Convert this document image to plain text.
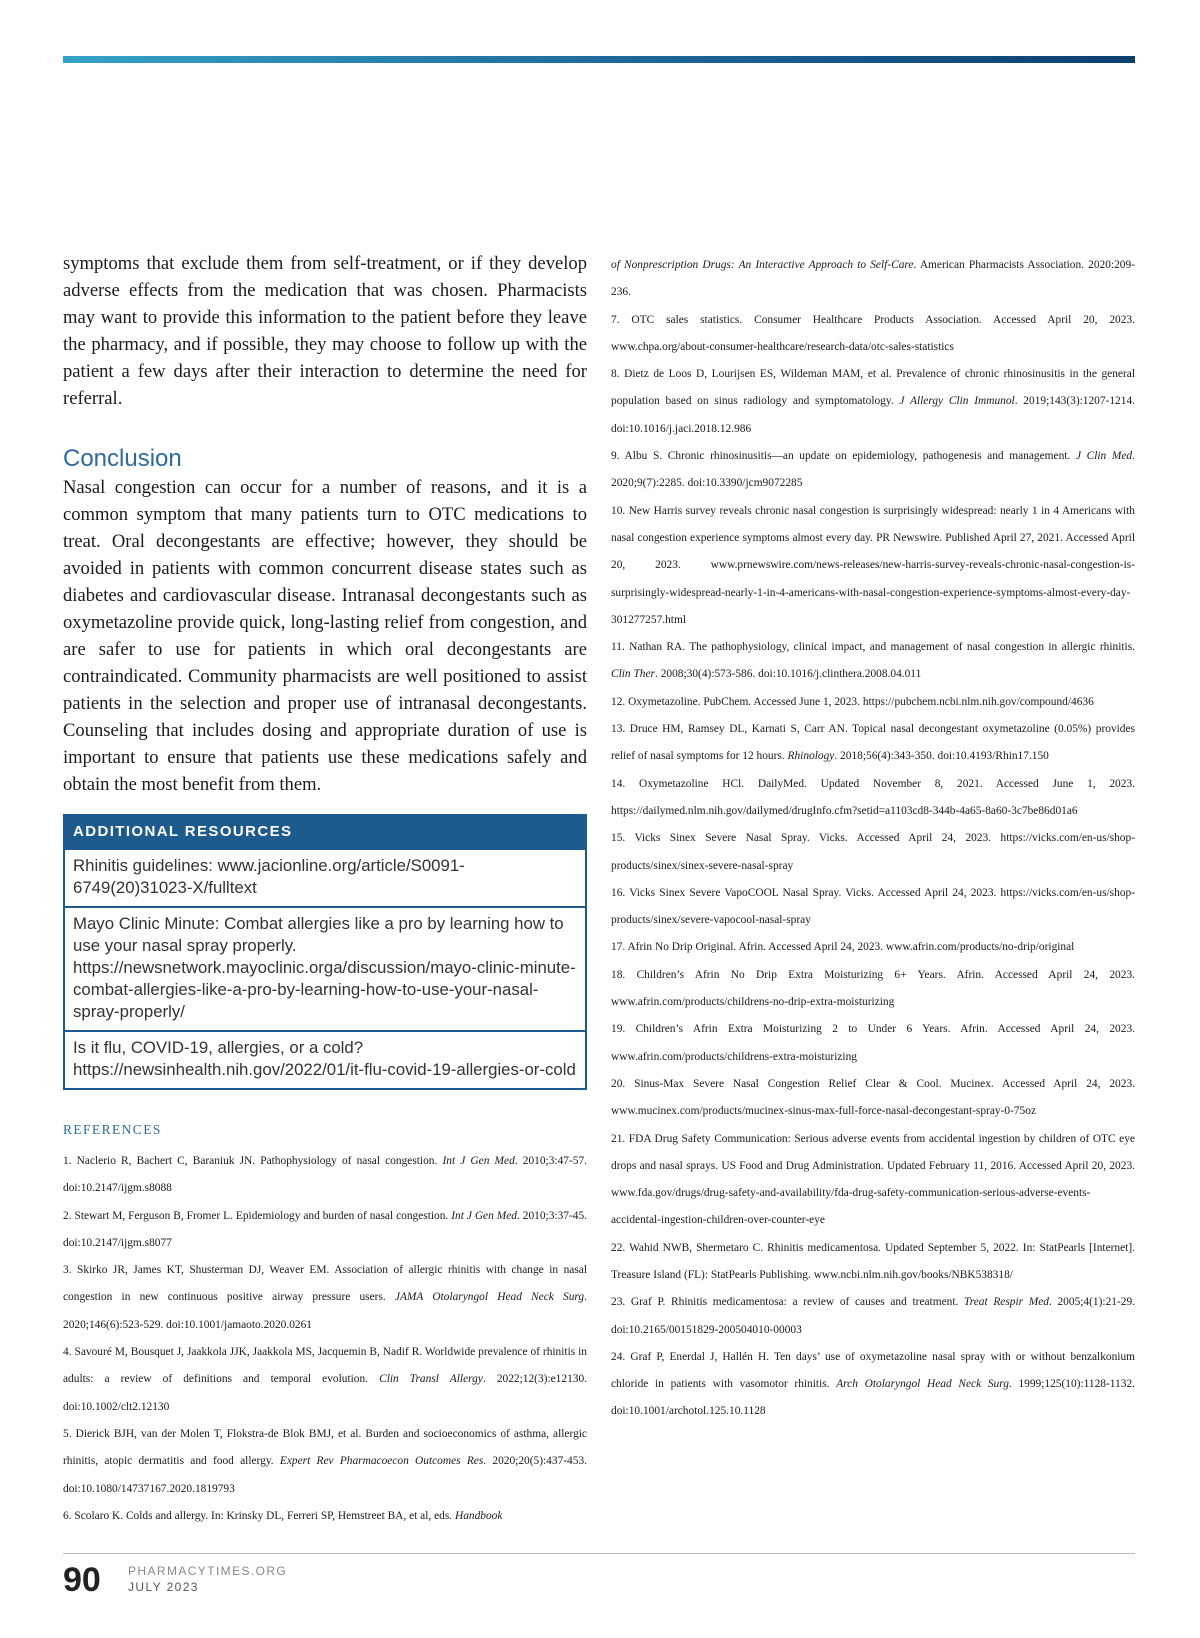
symptoms that exclude them from self-treatment, or if they develop adverse effects from the medication that was chosen. Pharmacists may want to provide this information to the patient before they leave the pharmacy, and if possible, they may choose to follow up with the patient a few days after their interaction to determine the need for referral.

Conclusion

Nasal congestion can occur for a number of reasons, and it is a common symptom that many patients turn to OTC medications to treat. Oral decongestants are effective; however, they should be avoided in patients with common concurrent disease states such as diabetes and cardiovascular disease. Intranasal decongestants such as oxymetazoline provide quick, long-lasting relief from congestion, and are safer to use for patients in which oral decongestants are contraindicated. Community pharmacists are well positioned to assist patients in the selection and proper use of intranasal decongestants. Counseling that includes dosing and appropriate duration of use is important to ensure that patients use these medications safely and obtain the most benefit from them.

ADDITIONAL RESOURCES
Rhinitis guidelines: www.jacionline.org/article/S0091-6749(20)31023-X/fulltext
Mayo Clinic Minute: Combat allergies like a pro by learning how to use your nasal spray properly. https://newsnetwork.mayoclinic.orga/discussion/mayo-clinic-minute-combat-allergies-like-a-pro-by-learning-how-to-use-your-nasal-spray-properly/
Is it flu, COVID-19, allergies, or a cold? https://newsinhealth.nih.gov/2022/01/it-flu-covid-19-allergies-or-cold
REFERENCES

1. Naclerio R, Bachert C, Baraniuk JN. Pathophysiology of nasal congestion. Int J Gen Med. 2010;3:47-57. doi:10.2147/ijgm.s8088

2. Stewart M, Ferguson B, Fromer L. Epidemiology and burden of nasal congestion. Int J Gen Med. 2010;3:37-45. doi:10.2147/ijgm.s8077

3. Skirko JR, James KT, Shusterman DJ, Weaver EM. Association of allergic rhinitis with change in nasal congestion in new continuous positive airway pressure users. JAMA Otolaryngol Head Neck Surg. 2020;146(6):523-529. doi:10.1001/jamaoto.2020.0261

4. Savouré M, Bousquet J, Jaakkola JJK, Jaakkola MS, Jacquemin B, Nadif R. Worldwide prevalence of rhinitis in adults: a review of definitions and temporal evolution. Clin Transl Allergy. 2022;12(3):e12130. doi:10.1002/clt2.12130

5. Dierick BJH, van der Molen T, Flokstra-de Blok BMJ, et al. Burden and socioeconomics of asthma, allergic rhinitis, atopic dermatitis and food allergy. Expert Rev Pharmacoecon Outcomes Res. 2020;20(5):437-453. doi:10.1080/14737167.2020.1819793

6. Scolaro K. Colds and allergy. In: Krinsky DL, Ferreri SP, Hemstreet BA, et al, eds. Handbook

of Nonprescription Drugs: An Interactive Approach to Self-Care. American Pharmacists Association. 2020:209-236.

7. OTC sales statistics. Consumer Healthcare Products Association. Accessed April 20, 2023. www.chpa.org/about-consumer-healthcare/research-data/otc-sales-statistics

8. Dietz de Loos D, Lourijsen ES, Wildeman MAM, et al. Prevalence of chronic rhinosinusitis in the general population based on sinus radiology and symptomatology. J Allergy Clin Immunol. 2019;143(3):1207-1214. doi:10.1016/j.jaci.2018.12.986

9. Albu S. Chronic rhinosinusitis—an update on epidemiology, pathogenesis and management. J Clin Med. 2020;9(7):2285. doi:10.3390/jcm9072285

10. New Harris survey reveals chronic nasal congestion is surprisingly widespread: nearly 1 in 4 Americans with nasal congestion experience symptoms almost every day. PR Newswire. Published April 27, 2021. Accessed April 20, 2023. www.prnewswire.com/news-releases/new-harris-survey-reveals-chronic-nasal-congestion-is-surprisingly-widespread-nearly-1-in-4-americans-with-nasal-congestion-experience-symptoms-almost-every-day-301277257.html

11. Nathan RA. The pathophysiology, clinical impact, and management of nasal congestion in allergic rhinitis. Clin Ther. 2008;30(4):573-586. doi:10.1016/j.clinthera.2008.04.011

12. Oxymetazoline. PubChem. Accessed June 1, 2023. https://pubchem.ncbi.nlm.nih.gov/compound/4636

13. Druce HM, Ramsey DL, Karnati S, Carr AN. Topical nasal decongestant oxymetazoline (0.05%) provides relief of nasal symptoms for 12 hours. Rhinology. 2018;56(4):343-350. doi:10.4193/Rhin17.150

14. Oxymetazoline HCl. DailyMed. Updated November 8, 2021. Accessed June 1, 2023. https://dailymed.nlm.nih.gov/dailymed/drugInfo.cfm?setid=a1103cd8-344b-4a65-8a60-3c7be86d01a6

15. Vicks Sinex Severe Nasal Spray. Vicks. Accessed April 24, 2023. https://vicks.com/en-us/shop-products/sinex/sinex-severe-nasal-spray

16. Vicks Sinex Severe VapoCOOL Nasal Spray. Vicks. Accessed April 24, 2023. https://vicks.com/en-us/shop-products/sinex/severe-vapocool-nasal-spray

17. Afrin No Drip Original. Afrin. Accessed April 24, 2023. www.afrin.com/products/no-drip/original

18. Children’s Afrin No Drip Extra Moisturizing 6+ Years. Afrin. Accessed April 24, 2023. www.afrin.com/products/childrens-no-drip-extra-moisturizing

19. Children’s Afrin Extra Moisturizing 2 to Under 6 Years. Afrin. Accessed April 24, 2023. www.afrin.com/products/childrens-extra-moisturizing

20. Sinus-Max Severe Nasal Congestion Relief Clear & Cool. Mucinex. Accessed April 24, 2023. www.mucinex.com/products/mucinex-sinus-max-full-force-nasal-decongestant-spray-0-75oz

21. FDA Drug Safety Communication: Serious adverse events from accidental ingestion by children of OTC eye drops and nasal sprays. US Food and Drug Administration. Updated February 11, 2016. Accessed April 20, 2023. www.fda.gov/drugs/drug-safety-and-availability/fda-drug-safety-communication-serious-adverse-events-accidental-ingestion-children-over-counter-eye

22. Wahid NWB, Shermetaro C. Rhinitis medicamentosa. Updated September 5, 2022. In: StatPearls [Internet]. Treasure Island (FL): StatPearls Publishing. www.ncbi.nlm.nih.gov/books/NBK538318/

23. Graf P. Rhinitis medicamentosa: a review of causes and treatment. Treat Respir Med. 2005;4(1):21-29. doi:10.2165/00151829-200504010-00003

24. Graf P, Enerdal J, Hallén H. Ten days’ use of oxymetazoline nasal spray with or without benzalkonium chloride in patients with vasomotor rhinitis. Arch Otolaryngol Head Neck Surg. 1999;125(10):1128-1132. doi:10.1001/archotol.125.10.1128

90 PHARMACYTIMES.ORG
JULY 2023
